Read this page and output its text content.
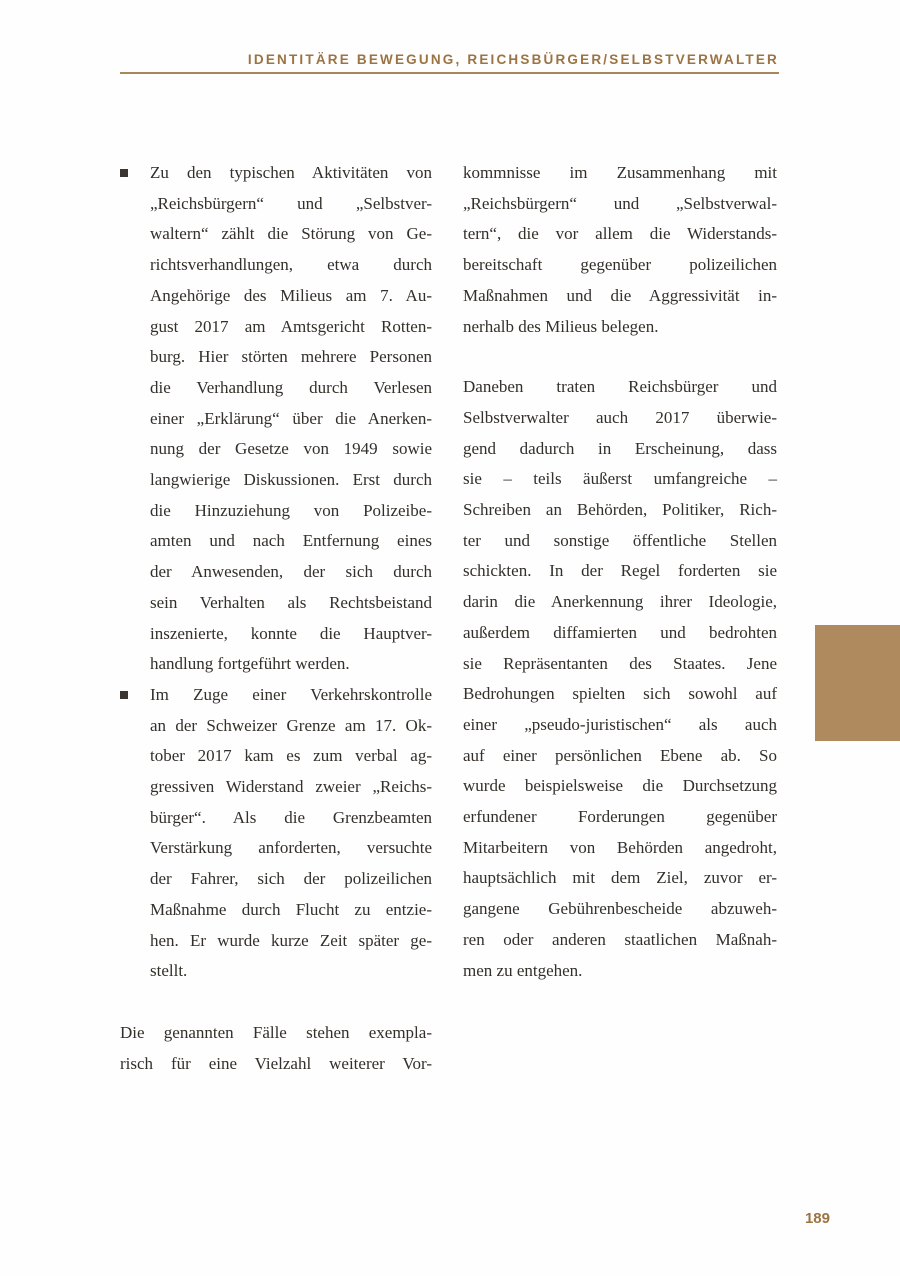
IDENTITÄRE BEWEGUNG, REICHSBÜRGER/SELBSTVERWALTER
Zu den typischen Aktivitäten von
„Reichsbürgern“ und „Selbstver-
waltern“ zählt die Störung von Ge-
richtsverhandlungen, etwa durch
Angehörige des Milieus am 7. Au-
gust 2017 am Amtsgericht Rotten-
burg. Hier störten mehrere Personen
die Verhandlung durch Verlesen
einer „Erklärung“ über die Anerken-
nung der Gesetze von 1949 sowie
langwierige Diskussionen. Erst durch
die Hinzuziehung von Polizeibe-
amten und nach Entfernung eines
der Anwesenden, der sich durch
sein Verhalten als Rechtsbeistand
inszenierte, konnte die Hauptver-
handlung fortgeführt werden.
Im Zuge einer Verkehrskontrolle
an der Schweizer Grenze am 17. Ok-
tober 2017 kam es zum verbal ag-
gressiven Widerstand zweier „Reichs-
bürger“. Als die Grenzbeamten
Verstärkung anforderten, versuchte
der Fahrer, sich der polizeilichen
Maßnahme durch Flucht zu entzie-
hen. Er wurde kurze Zeit später ge-
stellt.
Die genannten Fälle stehen exempla-
risch für eine Vielzahl weiterer Vor-
kommnisse im Zusammenhang mit
„Reichsbürgern“ und „Selbstverwal-
tern“, die vor allem die Widerstands-
bereitschaft gegenüber polizeilichen
Maßnahmen und die Aggressivität in-
nerhalb des Milieus belegen.
Daneben traten Reichsbürger und
Selbstverwalter auch 2017 überwie-
gend dadurch in Erscheinung, dass
sie – teils äußerst umfangreiche –
Schreiben an Behörden, Politiker, Rich-
ter und sonstige öffentliche Stellen
schickten. In der Regel forderten sie
darin die Anerkennung ihrer Ideologie,
außerdem diffamierten und bedrohten
sie Repräsentanten des Staates. Jene
Bedrohungen spielten sich sowohl auf
einer „pseudo-juristischen“ als auch
auf einer persönlichen Ebene ab. So
wurde beispielsweise die Durchsetzung
erfundener Forderungen gegenüber
Mitarbeitern von Behörden angedroht,
hauptsächlich mit dem Ziel, zuvor er-
gangene Gebührenbescheide abzuweh-
ren oder anderen staatlichen Maßnah-
men zu entgehen.
189
